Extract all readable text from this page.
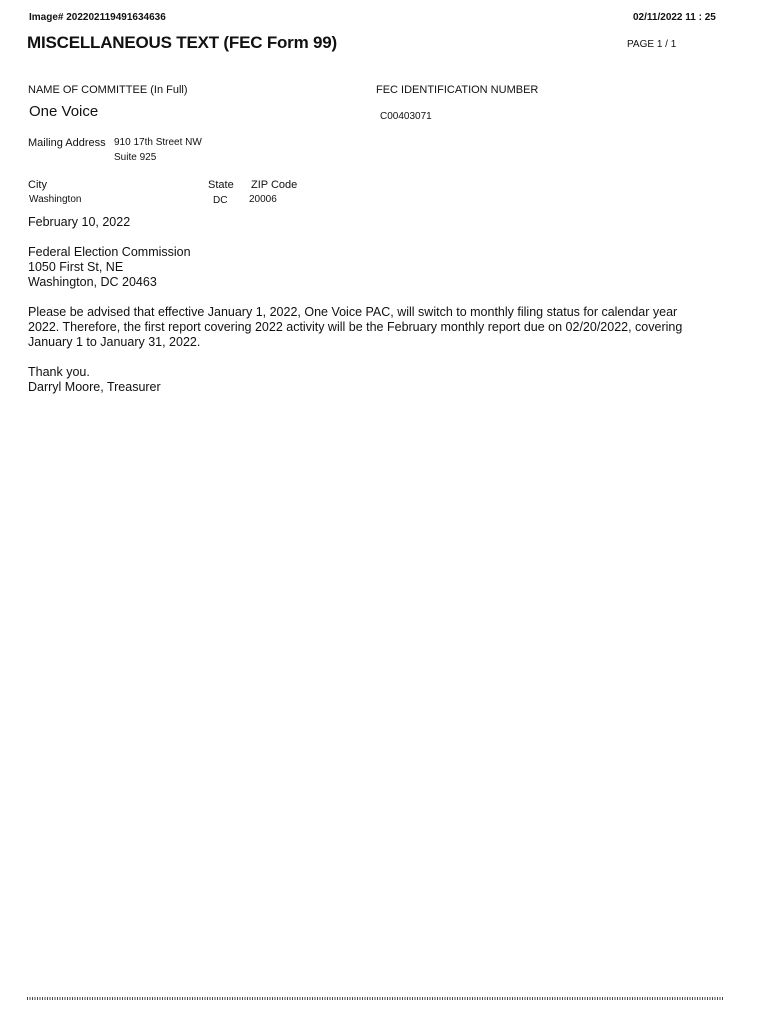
Image# 202202119491634636	02/11/2022 11 : 25
MISCELLANEOUS TEXT (FEC Form 99)	PAGE 1 / 1
NAME OF COMMITTEE (In Full)
One Voice
FEC IDENTIFICATION NUMBER
C00403071
Mailing Address 910 17th Street NW
Suite 925
City
Washington
State
DC
ZIP Code
20006
February 10, 2022
Federal Election Commission
1050 First St, NE
Washington, DC 20463
Please be advised that effective January 1, 2022, One Voice PAC, will switch to monthly filing status for calendar year 2022. Therefore, the first report covering 2022 activity will be the February monthly report due on 02/20/2022, covering January 1 to January 31, 2022.
Thank you.
Darryl Moore, Treasurer
